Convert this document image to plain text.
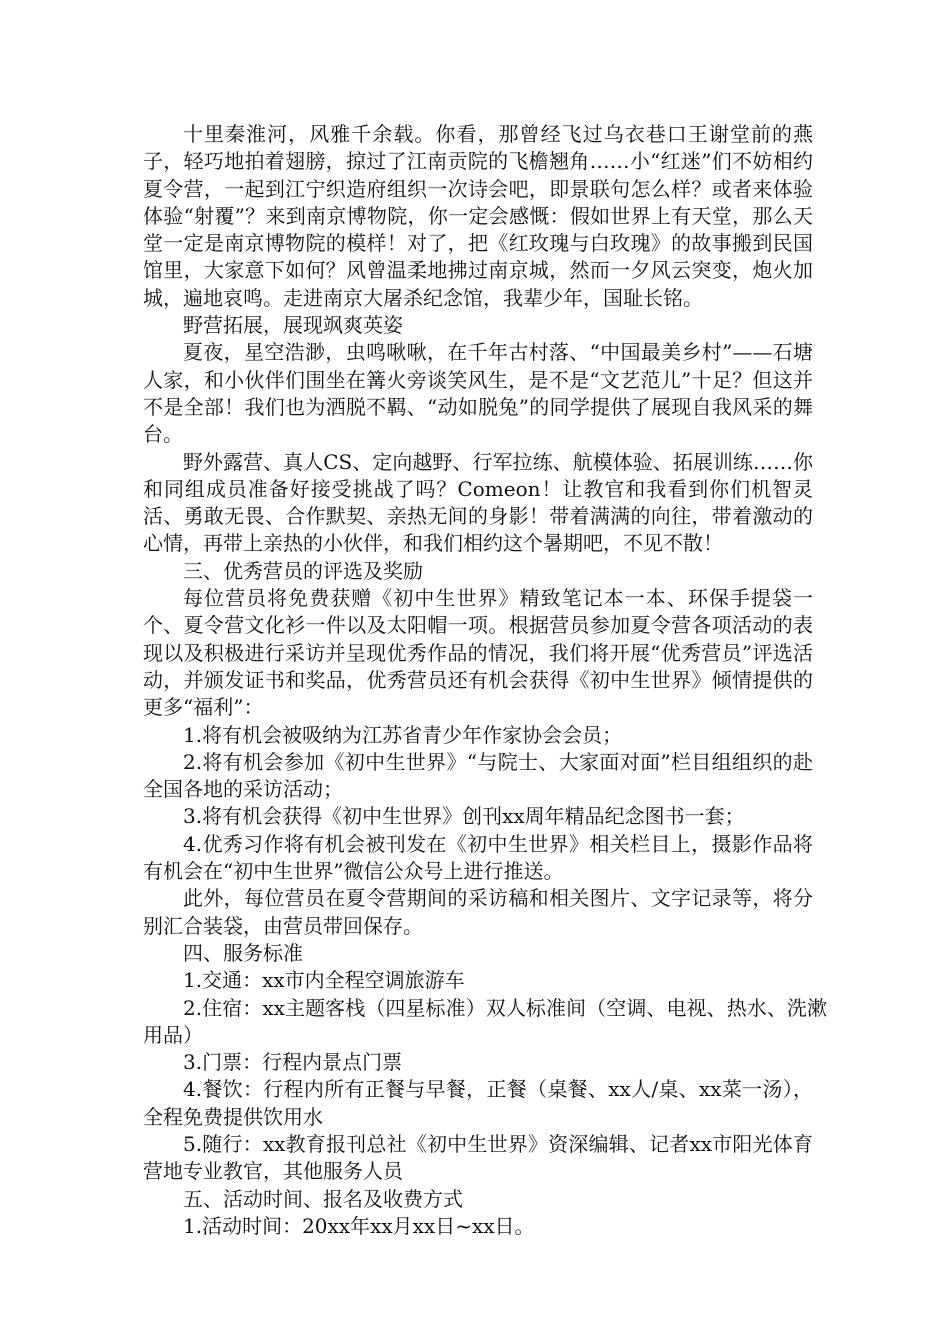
十里秦淮河，风雅千余载。你看，那曾经飞过乌衣巷口王谢堂前的燕子，轻巧地拍着翅膀，掠过了江南贡院的飞檐翘角……小“红迷”们不妨相约夏令营，一起到江宁织造府组织一次诗会吧，即景联句怎么样？或者来体验体验“射覆”？来到南京博物院，你一定会感慨：假如世界上有天堂，那么天堂一定是南京博物院的模样！对了，把《红玫瑰与白玫瑰》的故事搬到民国馆里，大家意下如何？风曾温柔地拂过南京城，然而一夕风云突变，炮火加城，遍地哀鸣。走进南京大屠杀纪念馆，我辈少年，国耻长铭。

野营拓展，展现飒爽英姿

夏夜，星空浩渺，虫鸣啾啾，在千年古村落、“中国最美乡村”——石塘人家，和小伙伴们围坐在篝火旁谈笑风生，是不是“文艺范儿”十足？但这并不是全部！我们也为洒脱不羁、“动如脱兔”的同学提供了展现自我风采的舞台。

野外露营、真人CS、定向越野、行军拉练、航模体验、拓展训练……你和同组成员准备好接受挑战了吗？Comeon！让教官和我看到你们机智灵活、勇敢无畏、合作默契、亲热无间的身影！带着满满的向往，带着激动的心情，再带上亲热的小伙伴，和我们相约这个暑期吧，不见不散！

三、优秀营员的评选及奖励

每位营员将免费获赠《初中生世界》精致笔记本一本、环保手提袋一个、夏令营文化衫一件以及太阳帽一项。根据营员参加夏令营各项活动的表现以及积极进行采访并呈现优秀作品的情况，我们将开展“优秀营员”评选活动，并颁发证书和奖品，优秀营员还有机会获得《初中生世界》倾情提供的更多“福利”：

1.将有机会被吸纳为江苏省青少年作家协会会员；

2.将有机会参加《初中生世界》“与院士、大家面对面”栏目组组织的赴全国各地的采访活动；

3.将有机会获得《初中生世界》创刊xx周年精品纪念图书一套；

4.优秀习作将有机会被刊发在《初中生世界》相关栏目上，摄影作品将有机会在“初中生世界”微信公众号上进行推送。

此外，每位营员在夏令营期间的采访稿和相关图片、文字记录等，将分别汇合装袋，由营员带回保存。

四、服务标准

1.交通：xx市内全程空调旅游车

2.住宿：xx主题客栈（四星标准）双人标准间（空调、电视、热水、洗漱用品）

3.门票：行程内景点门票

4.餐饮：行程内所有正餐与早餐，正餐（桌餐、xx人/桌、xx菜一汤），全程免费提供饮用水

5.随行：xx教育报刊总社《初中生世界》资深编辑、记者xx市阳光体育营地专业教官，其他服务人员

五、活动时间、报名及收费方式

1.活动时间：20xx年xx月xx日~xx日。
